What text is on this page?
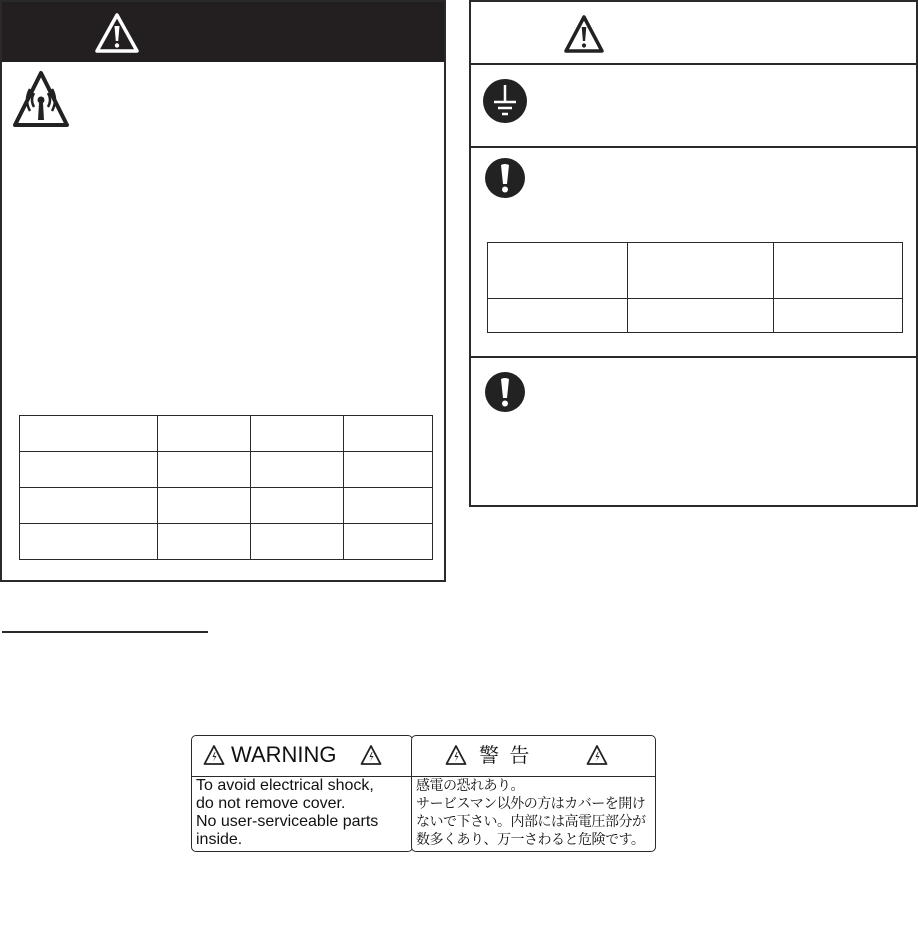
WARNING
To avoid electrical shock,
do not remove cover.
No user-serviceable parts
inside.
警 告
感電の恐れあり。
サービスマン以外の方はカバーを開け
ないで下さい。内部には高電圧部分が
数多くあり、万一さわると危険です。
